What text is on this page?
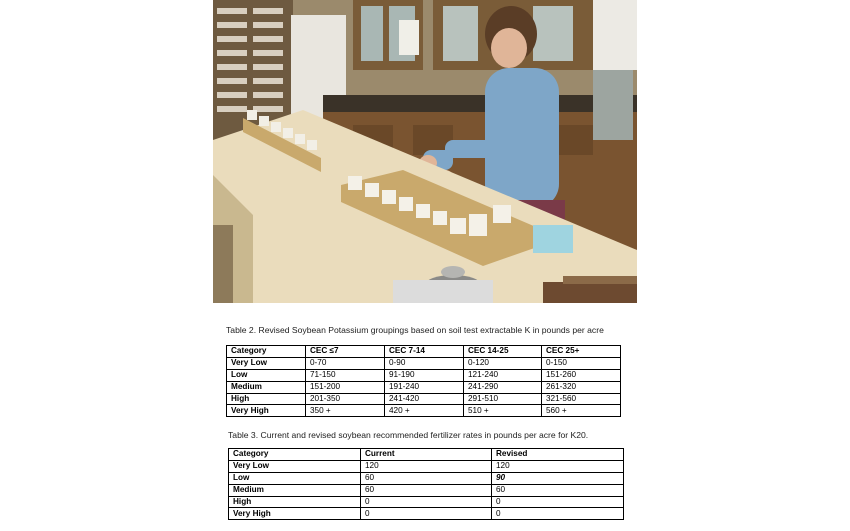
Table 2. Revised Soybean Potassium groupings based on soil test extractable K in pounds per acre
Category	CEC ≤7	CEC 7-14	CEC 14-25	CEC 25+
Very Low	0-70	0-90	0-120	0-150
Low	71-150	91-190	121-240	151-260
Medium	151-200	191-240	241-290	261-320
High	201-350	241-420	291-510	321-560
Very High	350 +	420 +	510 +	560 +
Table 3. Current and revised soybean recommended fertilizer rates in pounds per acre for K20.
Category	Current	Revised
Very Low	120	120
Low	60	90
Medium	60	60
High	0	0
Very High	0	0
